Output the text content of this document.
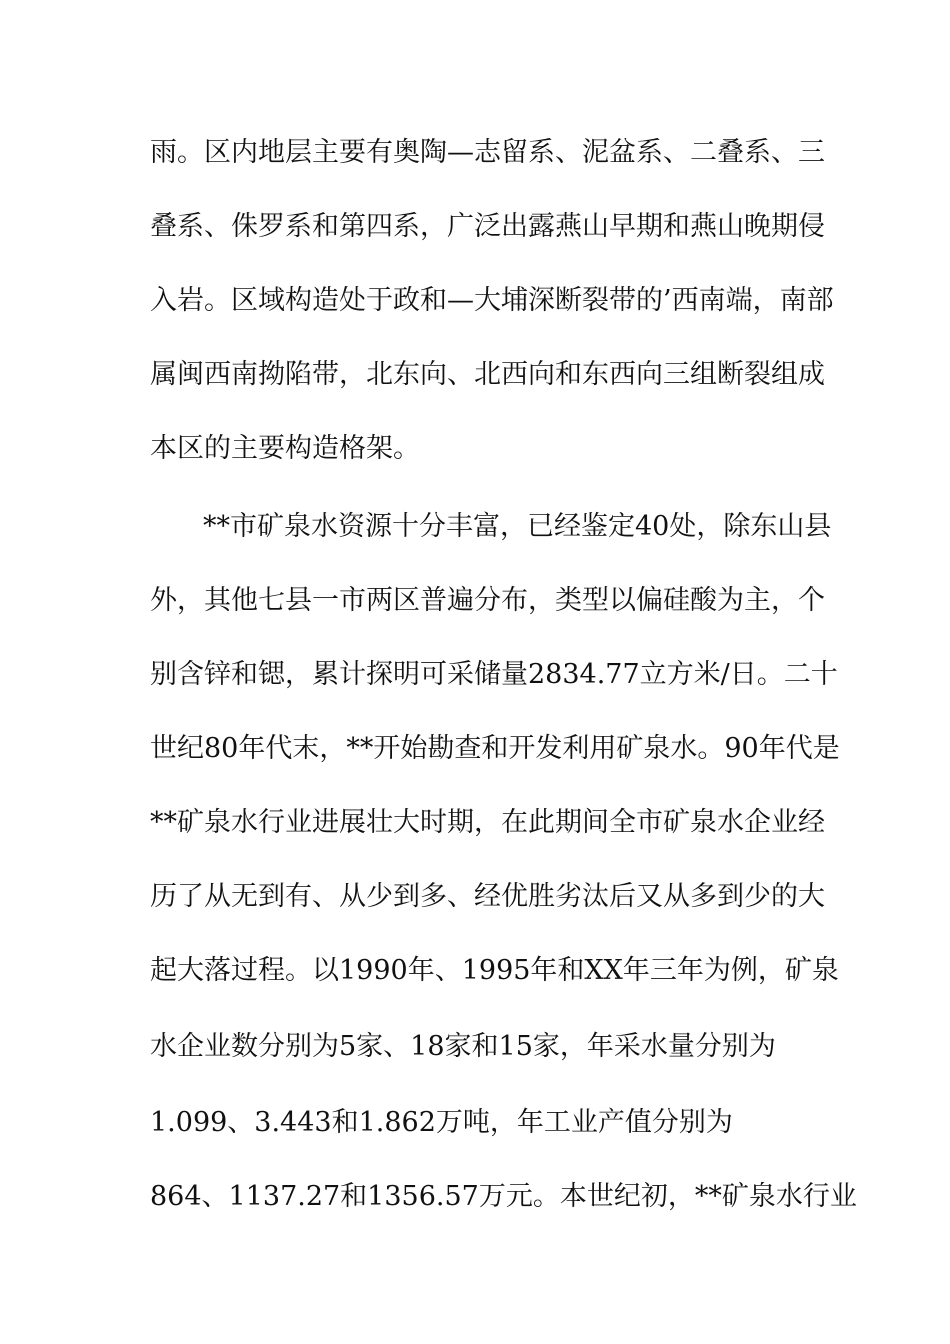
雨。区内地层主要有奥陶—志留系、泥盆系、二叠系、三
叠系、侏罗系和第四系，广泛出露燕山早期和燕山晚期侵
入岩。区域构造处于政和—大埔深断裂带的’西南端，南部
属闽西南拗陷带，北东向、北西向和东西向三组断裂组成
本区的主要构造格架。
**市矿泉水资源十分丰富，已经鉴定40处，除东山县
外，其他七县一市两区普遍分布，类型以偏硅酸为主，个
别含锌和锶，累计探明可采储量2834.77立方米/日。二十
世纪80年代末，**开始勘查和开发利用矿泉水。90年代是
**矿泉水行业进展壮大时期，在此期间全市矿泉水企业经
历了从无到有、从少到多、经优胜劣汰后又从多到少的大
起大落过程。以1990年、1995年和XX年三年为例，矿泉
水企业数分别为5家、18家和15家，年采水量分别为
1.099、3.443和1.862万吨，年工业产值分别为
864、1137.27和1356.57万元。本世纪初，**矿泉水行业
